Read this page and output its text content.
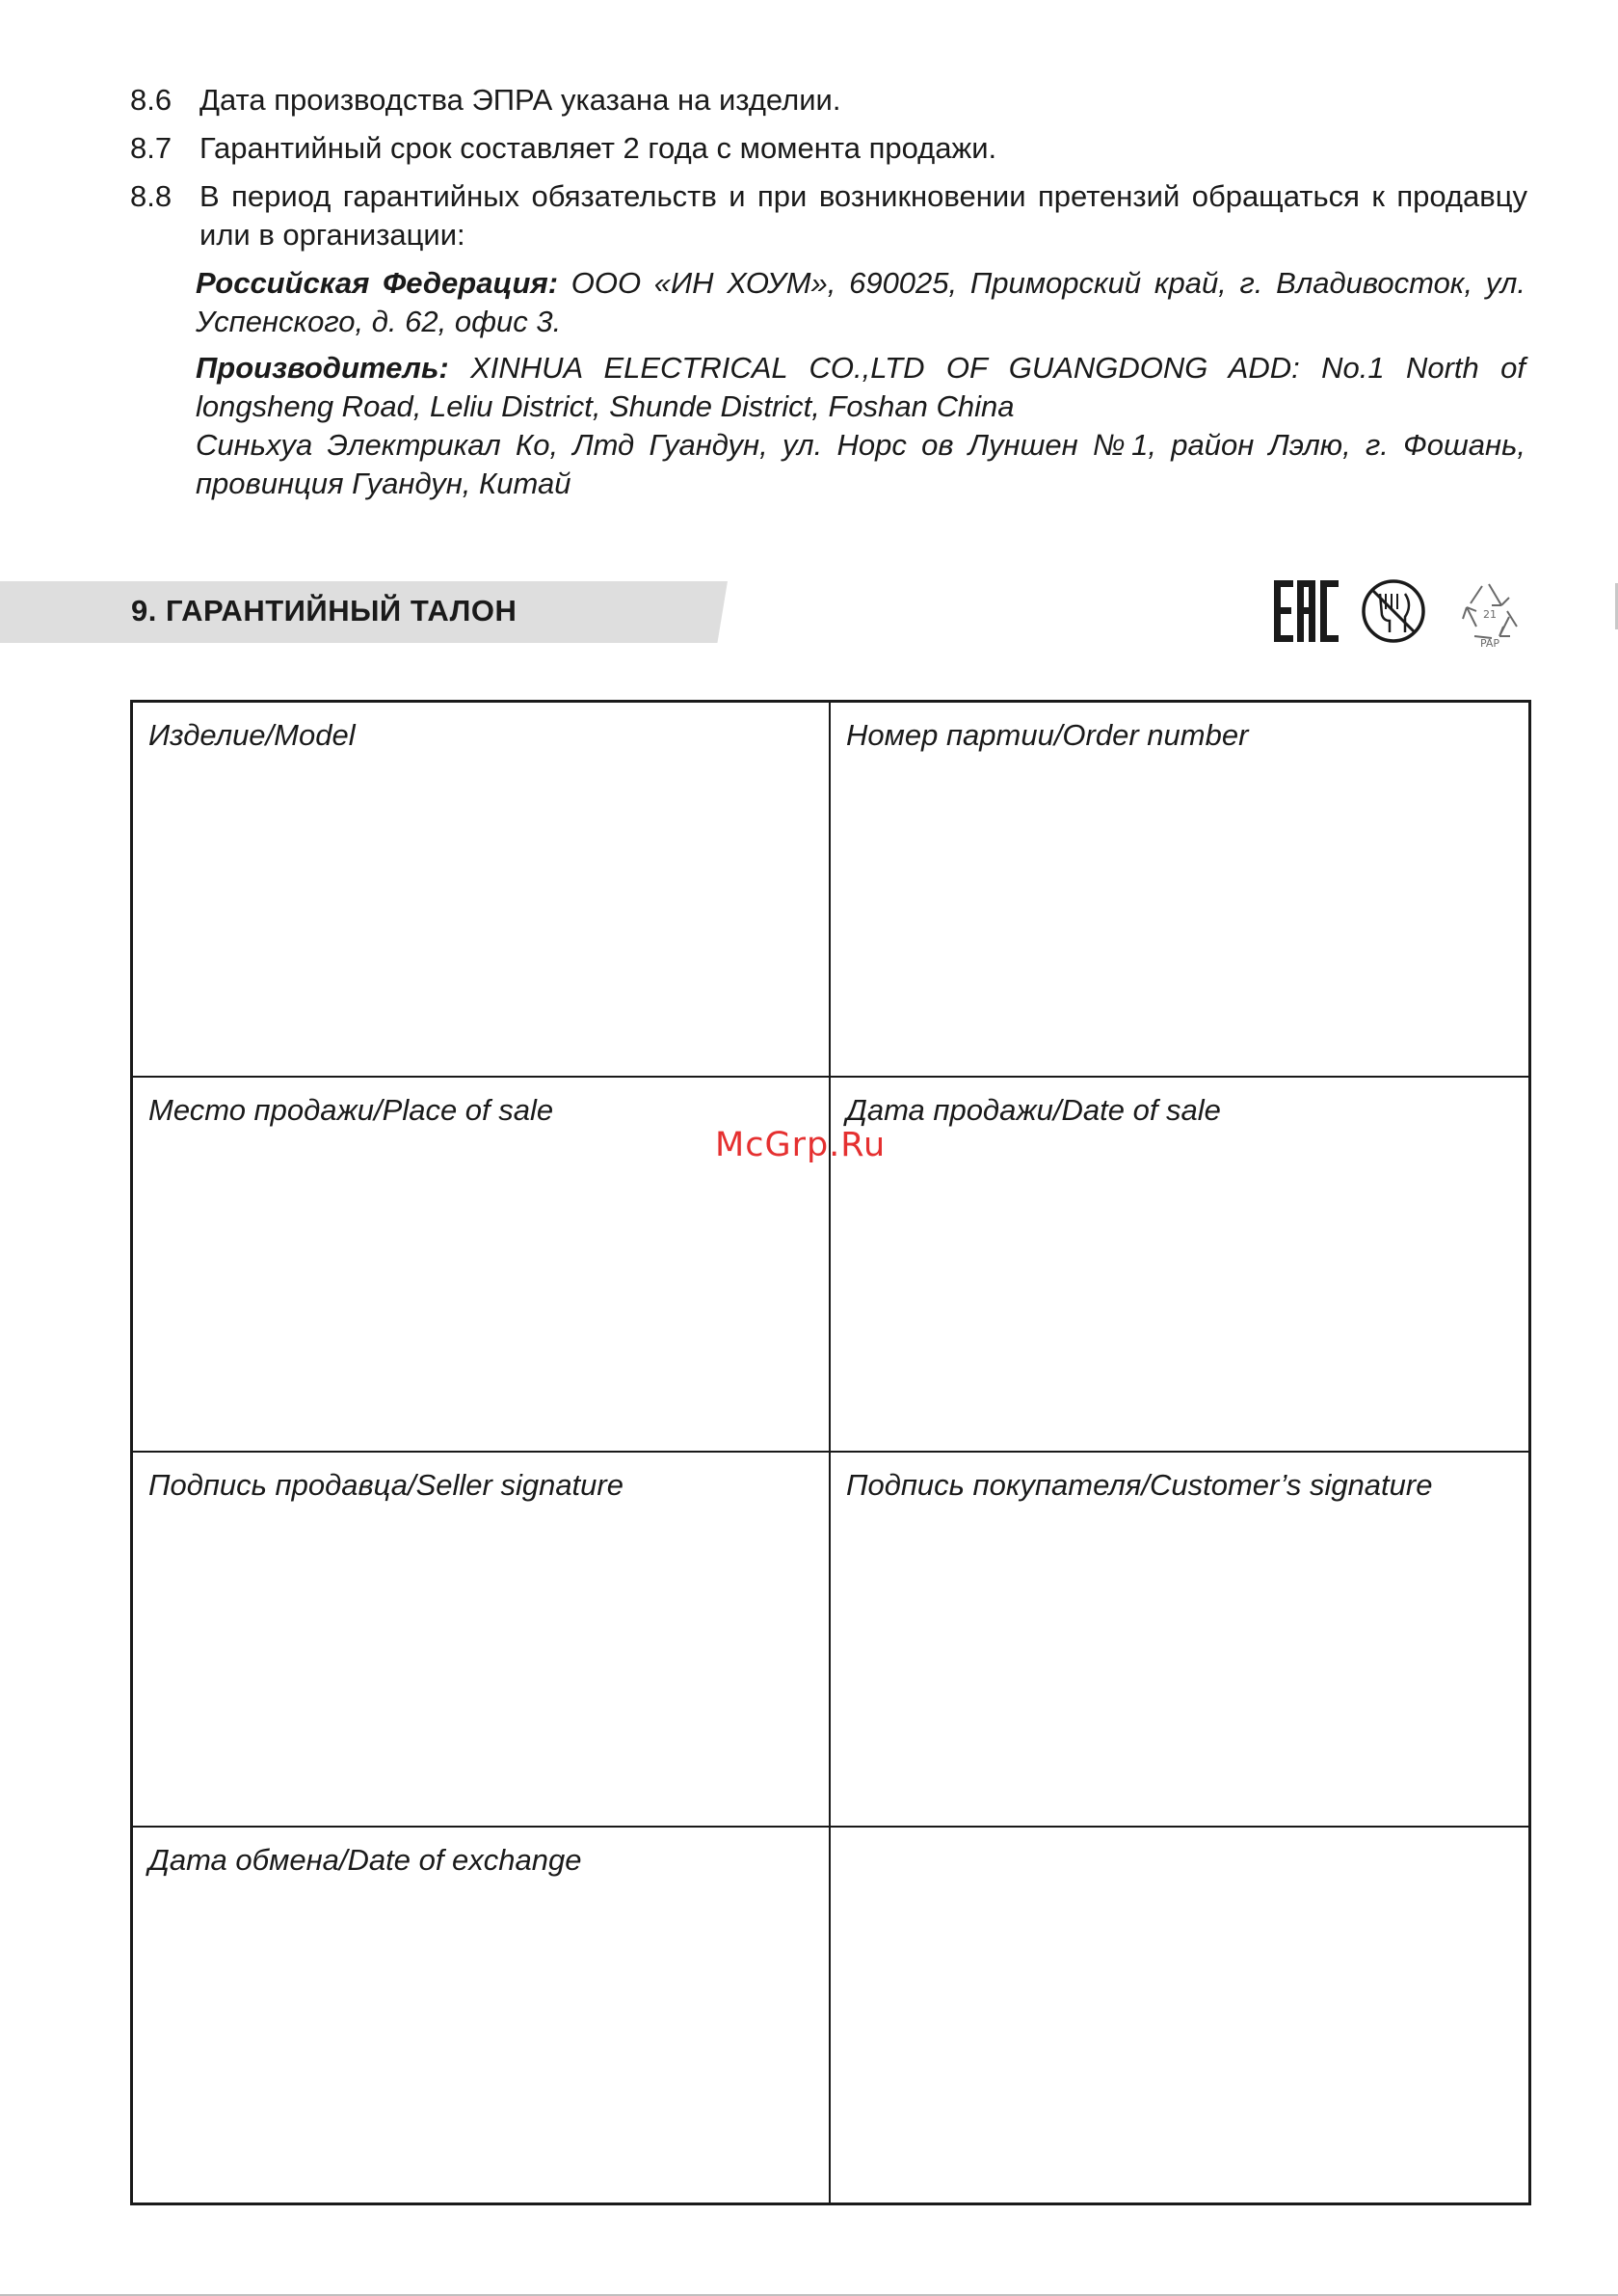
8.6 Дата производства ЭПРА указана на изделии.
8.7 Гарантийный срок составляет 2 года с момента продажи.
8.8 В период гарантийных обязательств и при возникновении претензий обращаться к продавцу или в организации:
Российская Федерация: ООО «ИН ХОУМ», 690025, Приморский край, г. Владивосток, ул. Успенского, д. 62, офис 3.
Производитель: XINHUA ELECTRICAL CO.,LTD OF GUANGDONG ADD: No.1 North of longsheng Road, Leliu District, Shunde District, Foshan China
Синьхуа Электрикал Ко, Лтд Гуандун, ул. Норс ов Луншен №1, район Лэлю, г. Фошань, провинция Гуандун, Китай
9. ГАРАНТИЙНЫЙ ТАЛОН	21
PAP
Изделие/Model	Номер партии/Order number
Место продажи/Place of sale	Дата продажи/Date of sale
Подпись продавца/Seller signature	Подпись покупателя/Customer’s signature
Дата обмена/Date of exchange
McGrp.Ru
